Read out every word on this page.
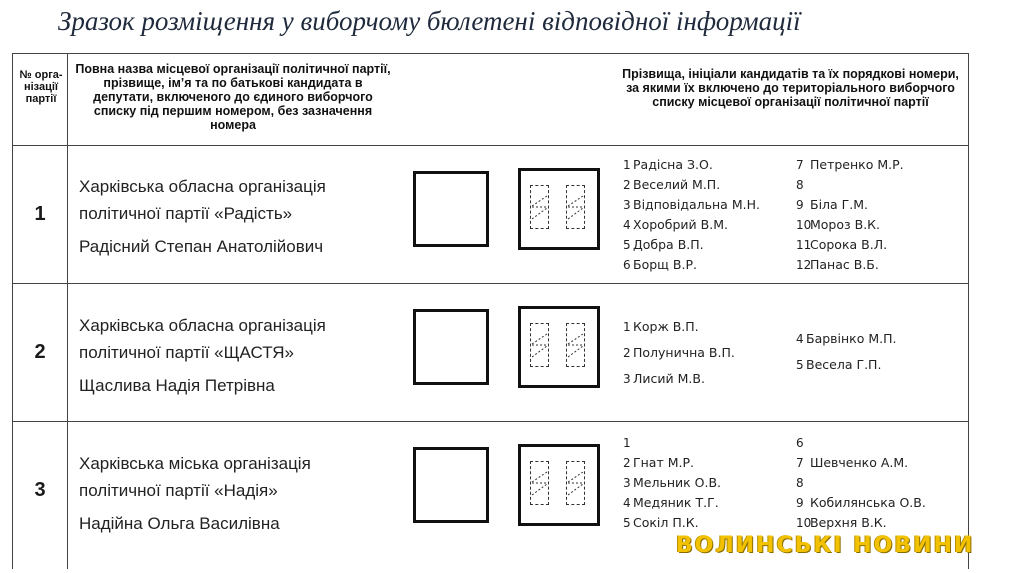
Зразок розміщення у виборчому бюлетені відповідної інформації
№ орга- нізації партії
Повна назва місцевої організації політичної партії, прізвище, ім’я та по батькові кандидата в депутати, включеного до єдиного виборчого списку під першим номером, без зазначення номера
Прізвища, ініціали кандидатів та їх порядкові номери, за якими їх включено до територіального виборчого списку місцевої організації політичної партії
1
Харківська обласна організація
політичної партії «Радість»
Радісний Степан Анатолійович
1 Радісна З.О.
2 Веселий М.П.
3 Відповідальна М.Н.
4 Хоробрий В.М.
5 Добра В.П.
6 Борщ В.Р.
7 Петренко М.Р.
8
9 Біла Г.М.
10Мороз В.К.
11Сорока В.Л.
12Панас В.Б.
2
Харківська обласна організація
політичної партії «ЩАСТЯ»
Щаслива Надія Петрівна
1 Корж В.П.
2 Полунична В.П.
3 Лисий М.В.
4 Барвінко М.П.
5 Весела Г.П.
3
Харківська міська організація
політичної партії «Надія»
Надійна Ольга Василівна
1
2 Гнат М.Р.
3 Мельник О.В.
4 Медяник Т.Г.
5 Сокіл П.К.
6
7 Шевченко А.М.
8
9 Кобилянська О.В.
10Верхня В.К.
ВОЛИНСЬКІ НОВИНИ
